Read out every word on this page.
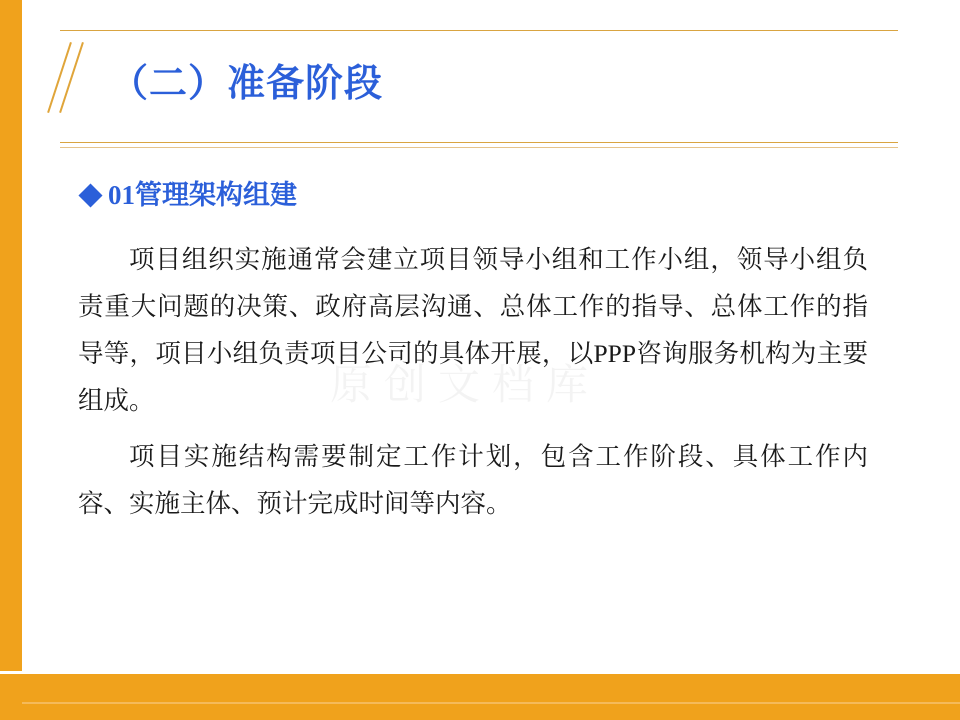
（二）准备阶段
01管理架构组建

项目组织实施通常会建立项目领导小组和工作小组，领导小组负责重大问题的决策、政府高层沟通、总体工作的指导、总体工作的指导等，项目小组负责项目公司的具体开展，以PPP咨询服务机构为主要组成。

项目实施结构需要制定工作计划，包含工作阶段、具体工作内容、实施主体、预计完成时间等内容。
